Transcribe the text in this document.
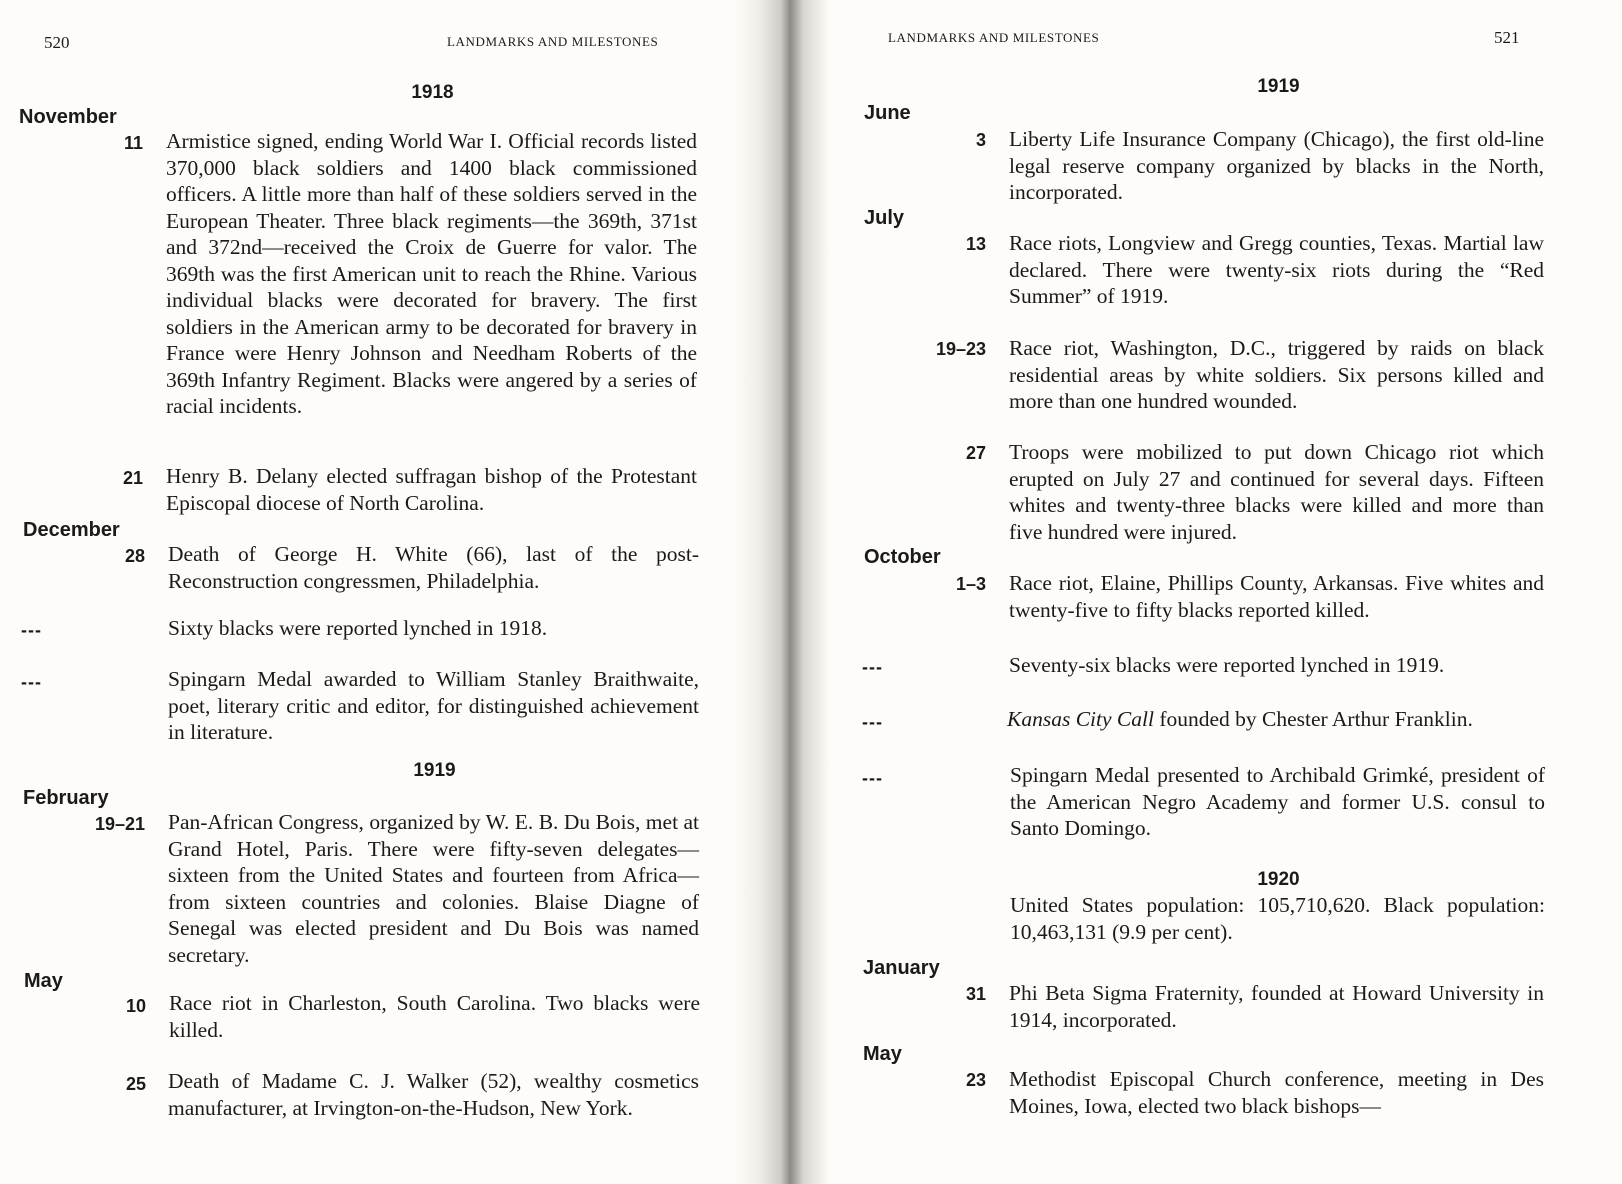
520	LANDMARKS AND MILESTONES
1918
November
11 Armistice signed, ending World War I. Official records listed 370,000 black soldiers and 1400 black commissioned officers. A little more than half of these soldiers served in the European Theater. Three black regiments—the 369th, 371st and 372nd—received the Croix de Guerre for valor. The 369th was the first American unit to reach the Rhine. Various individual blacks were decorated for bravery. The first soldiers in the American army to be decorated for bravery in France were Henry Johnson and Needham Roberts of the 369th Infantry Regiment. Blacks were angered by a series of racial incidents.
21 Henry B. Delany elected suffragan bishop of the Protestant Episcopal diocese of North Carolina.
December
28 Death of George H. White (66), last of the post-Reconstruction congressmen, Philadelphia.
---	Sixty blacks were reported lynched in 1918.
---	Spingarn Medal awarded to William Stanley Braithwaite, poet, literary critic and editor, for distinguished achievement in literature.
1919
February
19–21 Pan-African Congress, organized by W. E. B. Du Bois, met at Grand Hotel, Paris. There were fifty-seven delegates—sixteen from the United States and fourteen from Africa—from sixteen countries and colonies. Blaise Diagne of Senegal was elected president and Du Bois was named secretary.
May
10 Race riot in Charleston, South Carolina. Two blacks were killed.
25 Death of Madame C. J. Walker (52), wealthy cosmetics manufacturer, at Irvington-on-the-Hudson, New York.
LANDMARKS AND MILESTONES	521
1919
June
3 Liberty Life Insurance Company (Chicago), the first old-line legal reserve company organized by blacks in the North, incorporated.
July
13 Race riots, Longview and Gregg counties, Texas. Martial law declared. There were twenty-six riots during the “Red Summer” of 1919.
19–23 Race riot, Washington, D.C., triggered by raids on black residential areas by white soldiers. Six persons killed and more than one hundred wounded.
27 Troops were mobilized to put down Chicago riot which erupted on July 27 and continued for several days. Fifteen whites and twenty-three blacks were killed and more than five hundred were injured.
October
1–3 Race riot, Elaine, Phillips County, Arkansas. Five whites and twenty-five to fifty blacks reported killed.
---	Seventy-six blacks were reported lynched in 1919.
---	Kansas City Call founded by Chester Arthur Franklin.
---	Spingarn Medal presented to Archibald Grimké, president of the American Negro Academy and former U.S. consul to Santo Domingo.
1920
United States population: 105,710,620. Black population: 10,463,131 (9.9 per cent).
January
31 Phi Beta Sigma Fraternity, founded at Howard University in 1914, incorporated.
May
23 Methodist Episcopal Church conference, meeting in Des Moines, Iowa, elected two black bishops—
